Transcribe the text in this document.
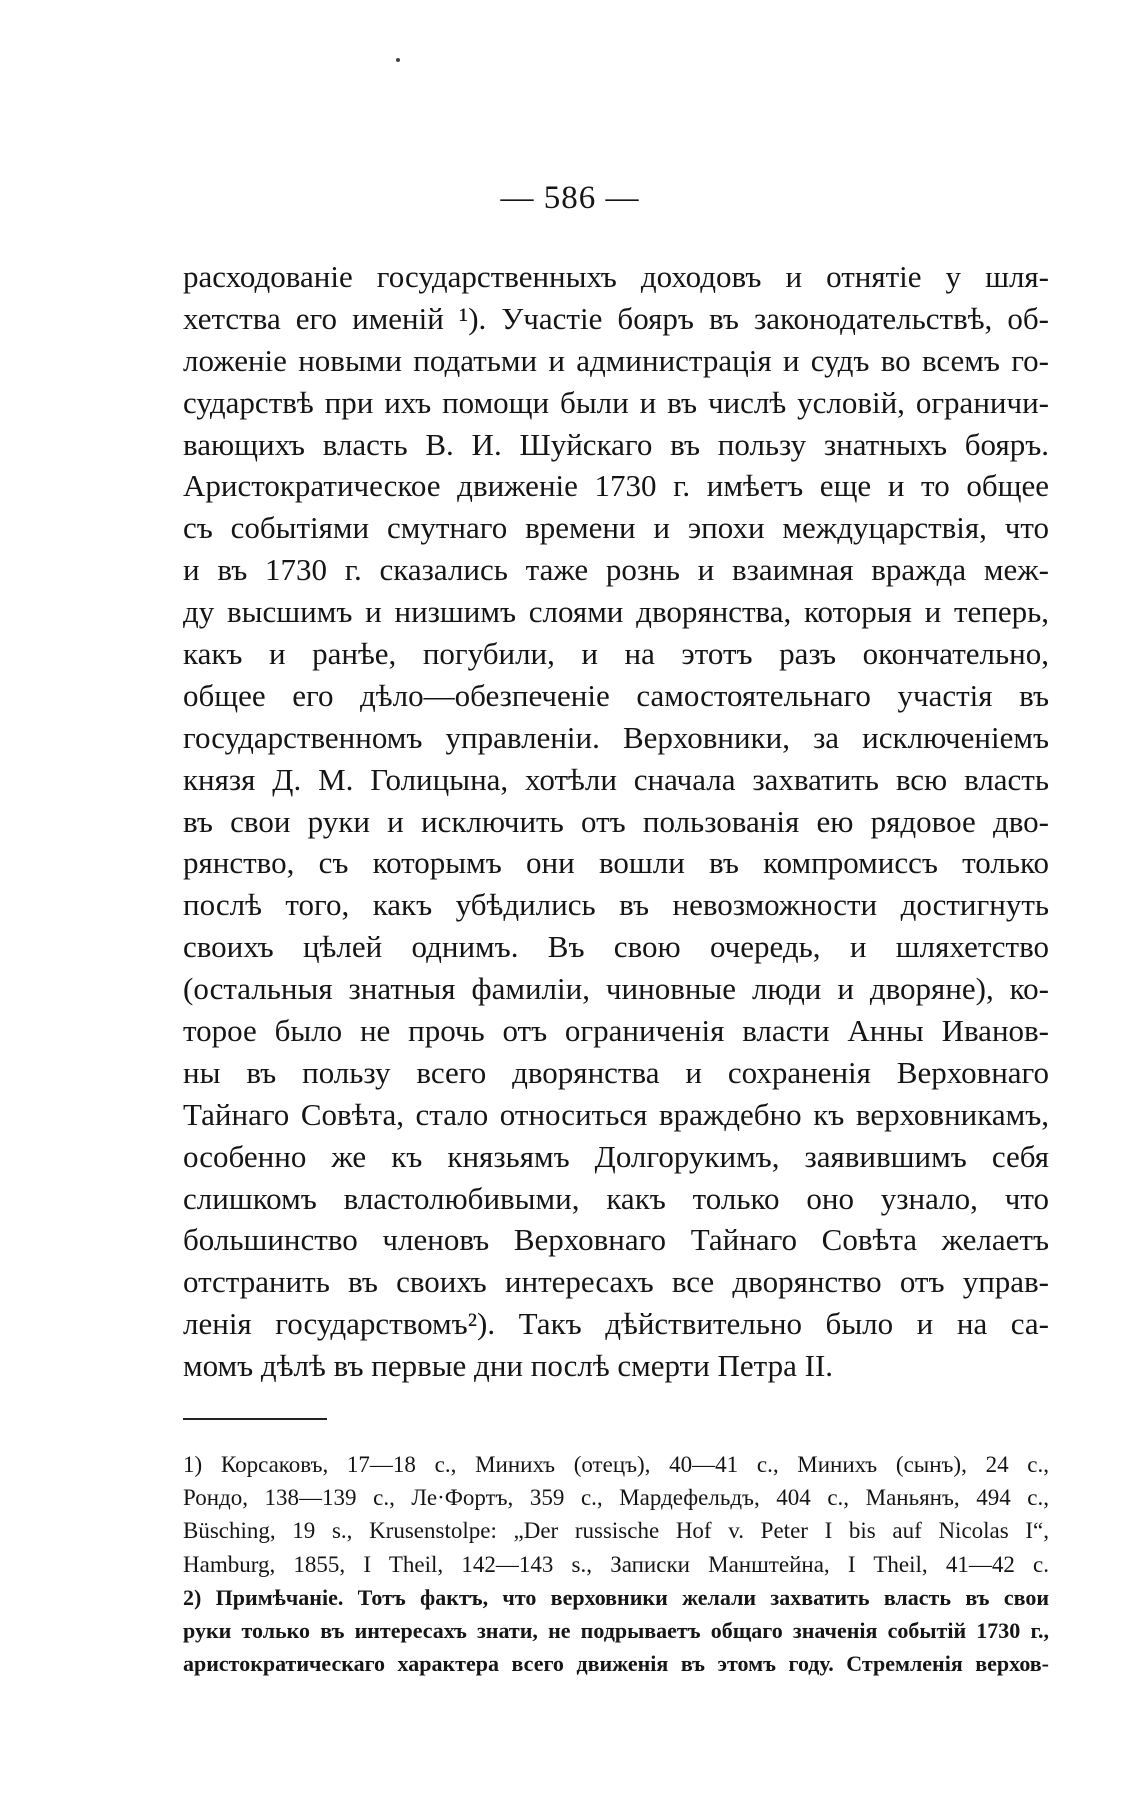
— 586 —
расходованіе государственныхъ доходовъ и отнятіе у шля-
хетства его именій ¹). Участіе бояръ въ законодательствѣ, об-
ложеніе новыми податьми и администрація и судъ во всемъ го-
сударствѣ при ихъ помощи были и въ числѣ условій, ограничи-
вающихъ власть В. И. Шуйскаго въ пользу знатныхъ бояръ.
Аристократическое движеніе 1730 г. имѣетъ еще и то общее
съ событіями смутнаго времени и эпохи междуцарствія, что
и въ 1730 г. сказались таже рознь и взаимная вражда меж-
ду высшимъ и низшимъ слоями дворянства, которыя и теперь,
какъ и ранѣе, погубили, и на этотъ разъ окончательно,
общее его дѣло—обезпеченіе самостоятельнаго участія въ
государственномъ управленіи. Верховники, за исключеніемъ
князя Д. М. Голицына, хотѣли сначала захватить всю власть
въ свои руки и исключить отъ пользованія ею рядовое дво-
рянство, съ которымъ они вошли въ компромиссъ только
послѣ того, какъ убѣдились въ невозможности достигнуть
своихъ цѣлей однимъ. Въ свою очередь, и шляхетство
(остальныя знатныя фамиліи, чиновные люди и дворяне), ко-
торое было не прочь отъ ограниченія власти Анны Иванов-
ны въ пользу всего дворянства и сохраненія Верховнаго
Тайнаго Совѣта, стало относиться враждебно къ верховникамъ,
особенно же къ князьямъ Долгорукимъ, заявившимъ себя
слишкомъ властолюбивыми, какъ только оно узнало, что
большинство членовъ Верховнаго Тайнаго Совѣта желаетъ
отстранить въ своихъ интересахъ все дворянство отъ управ-
ленія государствомъ²). Такъ дѣйствительно было и на са-
момъ дѣлѣ въ первые дни послѣ смерти Петра II.
1) Корсаковъ, 17—18 с., Минихъ (отецъ), 40—41 с., Минихъ (сынъ), 24 с.,
Рондо, 138—139 с., Ле·Фортъ, 359 с., Мардефельдъ, 404 с., Маньянъ, 494 с.,
Büsching, 19 s., Krusenstolpe: „Der russische Hof v. Peter I bis auf Nicolas I“,
Hamburg, 1855, I Theil, 142—143 s., Записки Манштейна, I Theil, 41—42 с.
2) Примѣчаніе. Тотъ фактъ, что верховники желали захватить власть въ свои
руки только въ интересахъ знати, не подрываетъ общаго значенія событій 1730 г.,
аристократическаго характера всего движенія въ этомъ году. Стремленія верхов-
